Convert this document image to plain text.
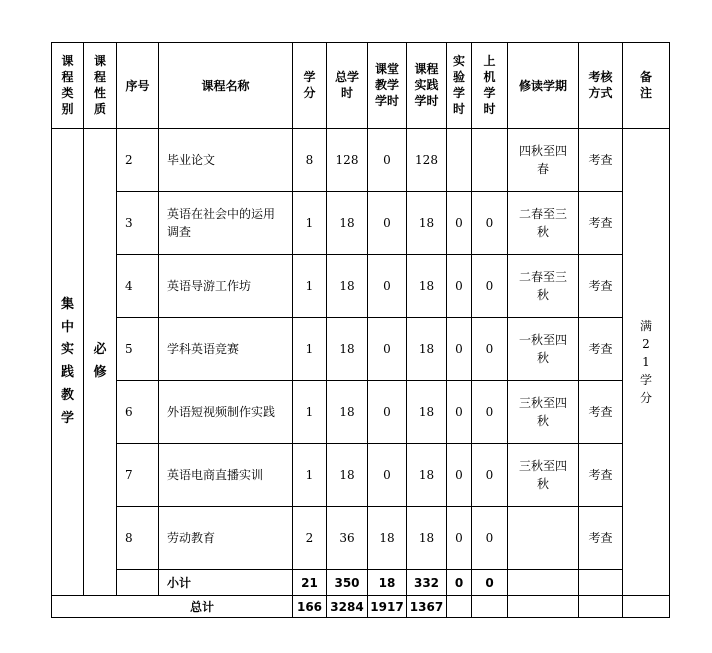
课程类别	课程性质	序号	课程名称	学分	总学时	课堂教学学时	课程实践学时	实验学时	上机学时	修读学期	考核方式	备注
集中实践教学	必修	2	毕业论文	8	128	0	128			四秋至四春	考查	满21学分
		3	英语在社会中的运用调查	1	18	0	18	0	0	二春至三秋	考查	
		4	英语导游工作坊	1	18	0	18	0	0	二春至三秋	考查	
		5	学科英语竞赛	1	18	0	18	0	0	一秋至四秋	考查	
		6	外语短视频制作实践	1	18	0	18	0	0	三秋至四秋	考查	
		7	英语电商直播实训	1	18	0	18	0	0	三秋至四秋	考查	
		8	劳动教育	2	36	18	18	0	0		考查	
			小计	21	350	18	332	0	0			
总计				166	3284	1917	1367					
